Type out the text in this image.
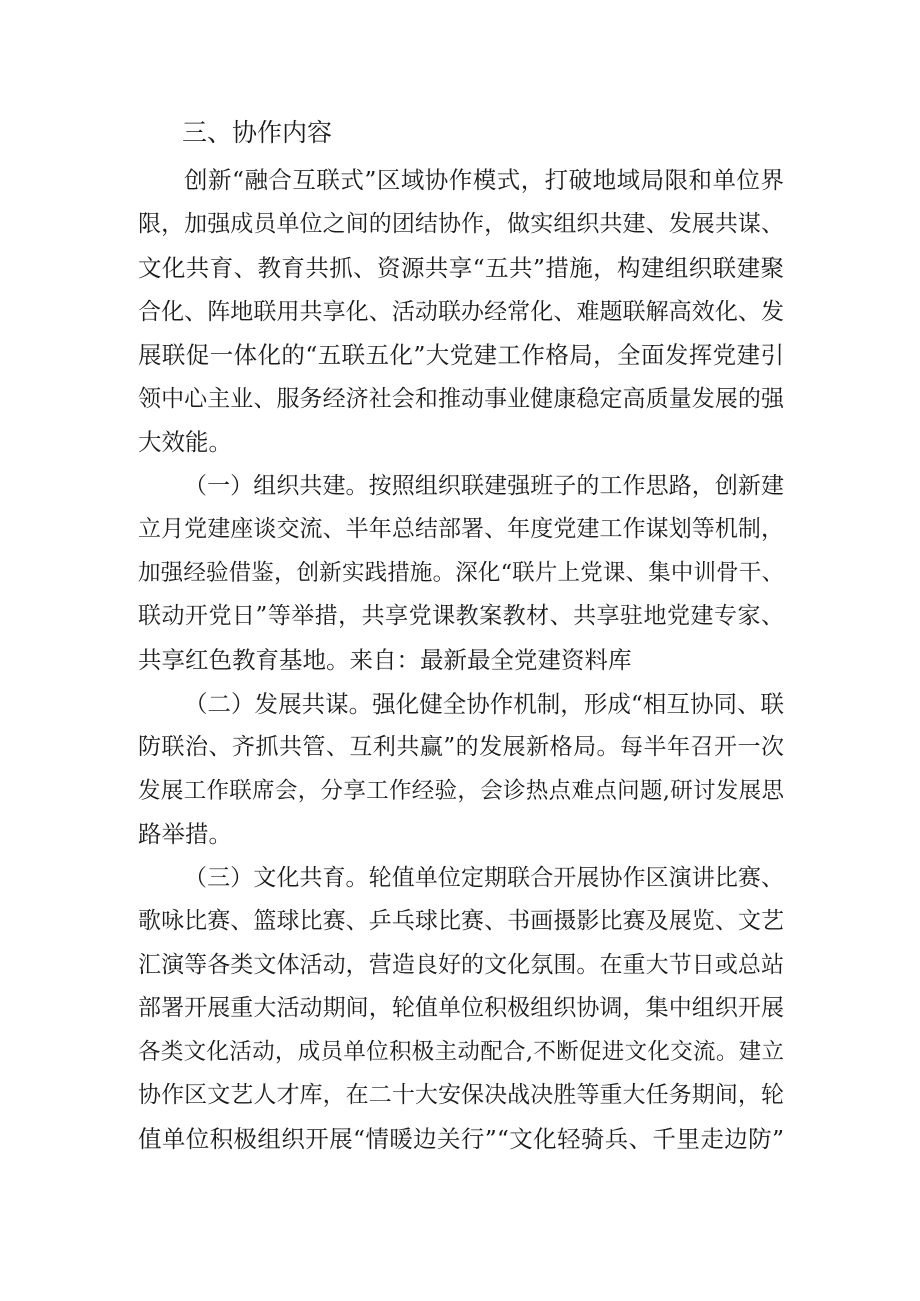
三、协作内容

创新“融合互联式”区域协作模式，打破地域局限和单位界

限，加强成员单位之间的团结协作，做实组织共建、发展共谋、

文化共育、教育共抓、资源共享“五共”措施，构建组织联建聚

合化、阵地联用共享化、活动联办经常化、难题联解高效化、发

展联促一体化的“五联五化”大党建工作格局，全面发挥党建引

领中心主业、服务经济社会和推动事业健康稳定高质量发展的强

大效能。

（一）组织共建。按照组织联建强班子的工作思路，创新建

立月党建座谈交流、半年总结部署、年度党建工作谋划等机制，

加强经验借鉴，创新实践措施。深化“联片上党课、集中训骨干、

联动开党日”等举措，共享党课教案教材、共享驻地党建专家、

共享红色教育基地。来自：最新最全党建资料库

（二）发展共谋。强化健全协作机制，形成“相互协同、联

防联治、齐抓共管、互利共赢”的发展新格局。每半年召开一次

发展工作联席会，分享工作经验，会诊热点难点问题,研讨发展思

路举措。

（三）文化共育。轮值单位定期联合开展协作区演讲比赛、

歌咏比赛、篮球比赛、乒乓球比赛、书画摄影比赛及展览、文艺

汇演等各类文体活动，营造良好的文化氛围。在重大节日或总站

部署开展重大活动期间，轮值单位积极组织协调，集中组织开展

各类文化活动，成员单位积极主动配合,不断促进文化交流。建立

协作区文艺人才库，在二十大安保决战决胜等重大任务期间，轮

值单位积极组织开展“情暖边关行”“文化轻骑兵、千里走边防”
